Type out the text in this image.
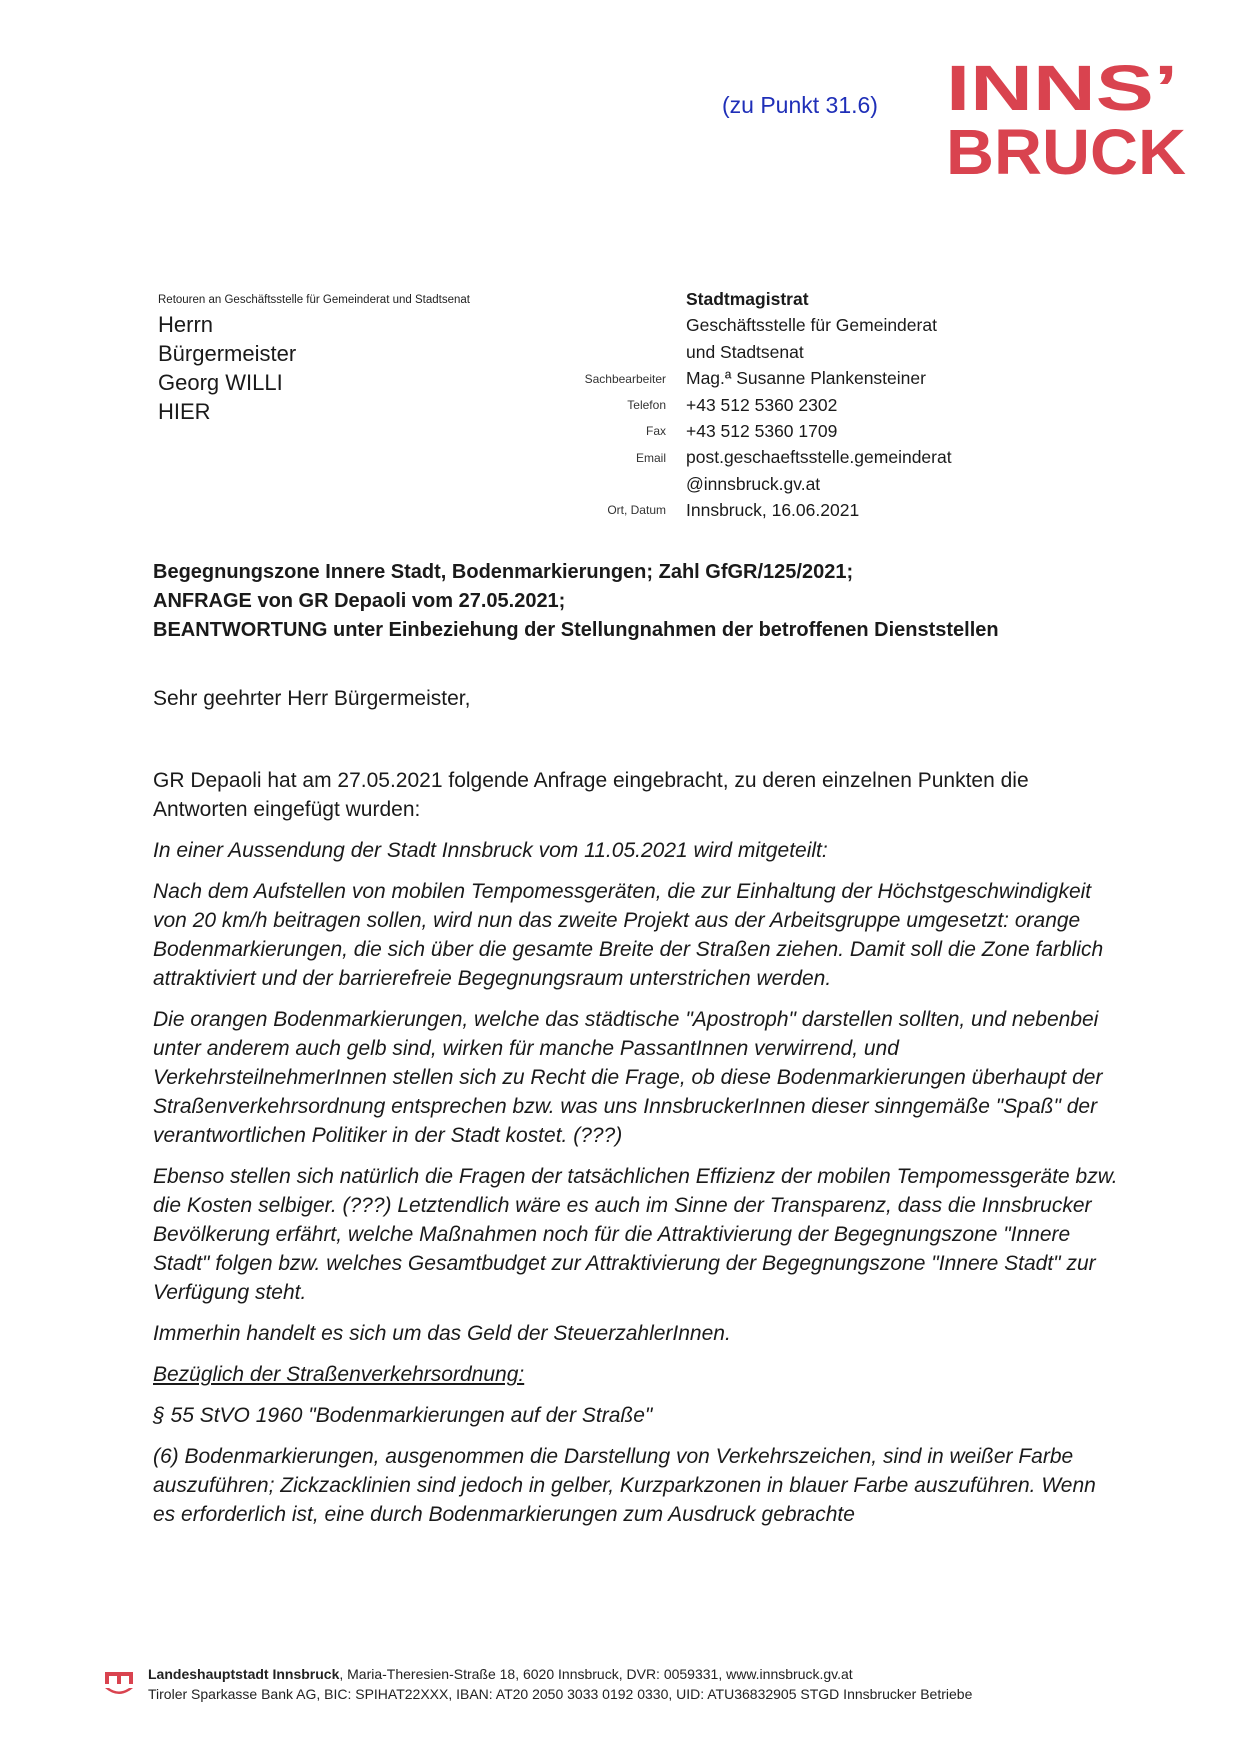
(zu Punkt 31.6) INNS’
BRUCK
Retouren an Geschäftsstelle für Gemeinderat und Stadtsenat
Herrn
Bürgermeister
Georg WILLI
HIER
Sachbearbeiter
Telefon
Fax
Email
Ort, Datum
Stadtmagistrat
Geschäftsstelle für Gemeinderat
und Stadtsenat
Mag.ª Susanne Plankensteiner
+43 512 5360 2302
+43 512 5360 1709
post.geschaeftsstelle.gemeinderat
@innsbruck.gv.at
Innsbruck, 16.06.2021
Begegnungszone Innere Stadt, Bodenmarkierungen; Zahl GfGR/125/2021;
ANFRAGE von GR Depaoli vom 27.05.2021;
BEANTWORTUNG unter Einbeziehung der Stellungnahmen der betroffenen Dienststellen
Sehr geehrter Herr Bürgermeister,

GR Depaoli hat am 27.05.2021 folgende Anfrage eingebracht, zu deren einzelnen Punkten die Antworten eingefügt wurden:

In einer Aussendung der Stadt Innsbruck vom 11.05.2021 wird mitgeteilt:

Nach dem Aufstellen von mobilen Tempomessgeräten, die zur Einhaltung der Höchstgeschwindigkeit von 20 km/h beitragen sollen, wird nun das zweite Projekt aus der Arbeitsgruppe umgesetzt: orange Bodenmarkierungen, die sich über die gesamte Breite der Straßen ziehen. Damit soll die Zone farblich attraktiviert und der barrierefreie Begegnungsraum unterstrichen werden.

Die orangen Bodenmarkierungen, welche das städtische "Apostroph" darstellen sollten, und nebenbei unter anderem auch gelb sind, wirken für manche PassantInnen verwirrend, und VerkehrsteilnehmerInnen stellen sich zu Recht die Frage, ob diese Bodenmarkierungen überhaupt der Straßenverkehrsordnung entsprechen bzw. was uns InnsbruckerInnen dieser sinngemäße "Spaß" der verantwortlichen Politiker in der Stadt kostet. (???)

Ebenso stellen sich natürlich die Fragen der tatsächlichen Effizienz der mobilen Tempomessgeräte bzw. die Kosten selbiger. (???) Letztendlich wäre es auch im Sinne der Transparenz, dass die Innsbrucker Bevölkerung erfährt, welche Maßnahmen noch für die Attraktivierung der Begegnungszone "Innere Stadt" folgen bzw. welches Gesamtbudget zur Attraktivierung der Begegnungszone "Innere Stadt" zur Verfügung steht.

Immerhin handelt es sich um das Geld der SteuerzahlerInnen.

Bezüglich der Straßenverkehrsordnung:

§ 55 StVO 1960 "Bodenmarkierungen auf der Straße"

(6) Bodenmarkierungen, ausgenommen die Darstellung von Verkehrszeichen, sind in weißer Farbe auszuführen; Zickzacklinien sind jedoch in gelber, Kurzparkzonen in blauer Farbe auszuführen. Wenn es erforderlich ist, eine durch Bodenmarkierungen zum Ausdruck gebrachte

Landeshauptstadt Innsbruck, Maria-Theresien-Straße 18, 6020 Innsbruck, DVR: 0059331, www.innsbruck.gv.at
Tiroler Sparkasse Bank AG, BIC: SPIHAT22XXX, IBAN: AT20 2050 3033 0192 0330, UID: ATU36832905 STGD Innsbrucker Betriebe
